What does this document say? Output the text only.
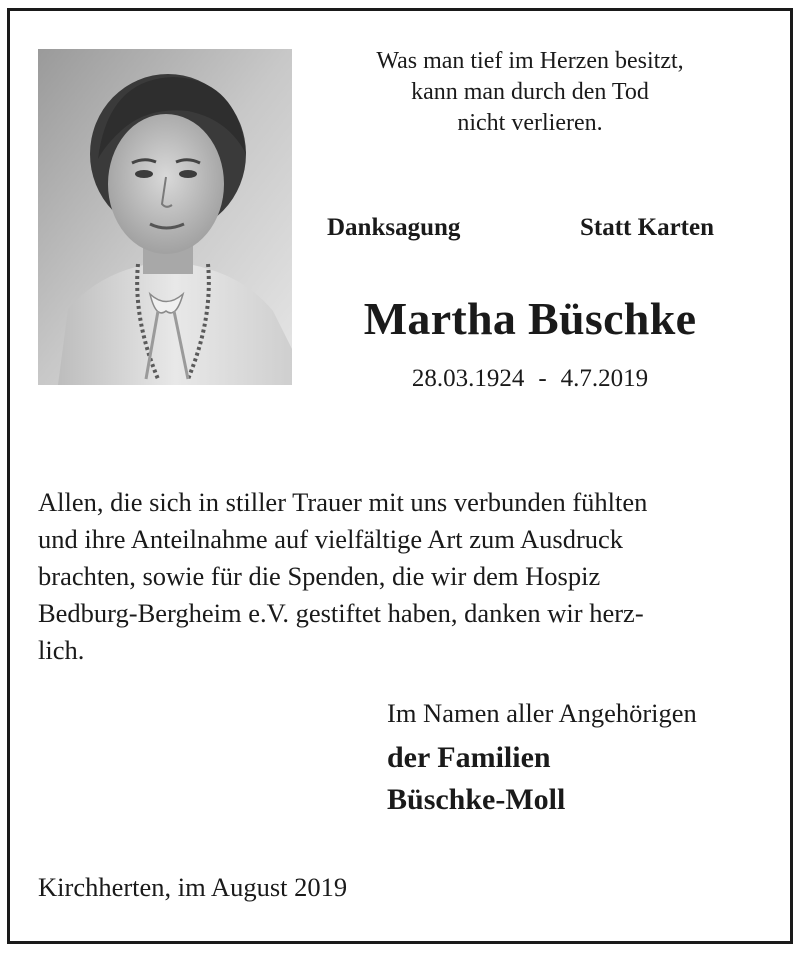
Was man tief im Herzen besitzt,
kann man durch den Tod
nicht verlieren.
Danksagung	Statt Karten
Martha Büschke
28.03.1924 - 4.7.2019
Allen, die sich in stiller Trauer mit uns verbunden fühlten
und ihre Anteilnahme auf vielfältige Art zum Ausdruck
brachten, sowie für die Spenden, die wir dem Hospiz
Bedburg-Bergheim e.V. gestiftet haben, danken wir herz-
lich.
Im Namen aller Angehörigen
der Familien
Büschke-Moll
Kirchherten, im August 2019
